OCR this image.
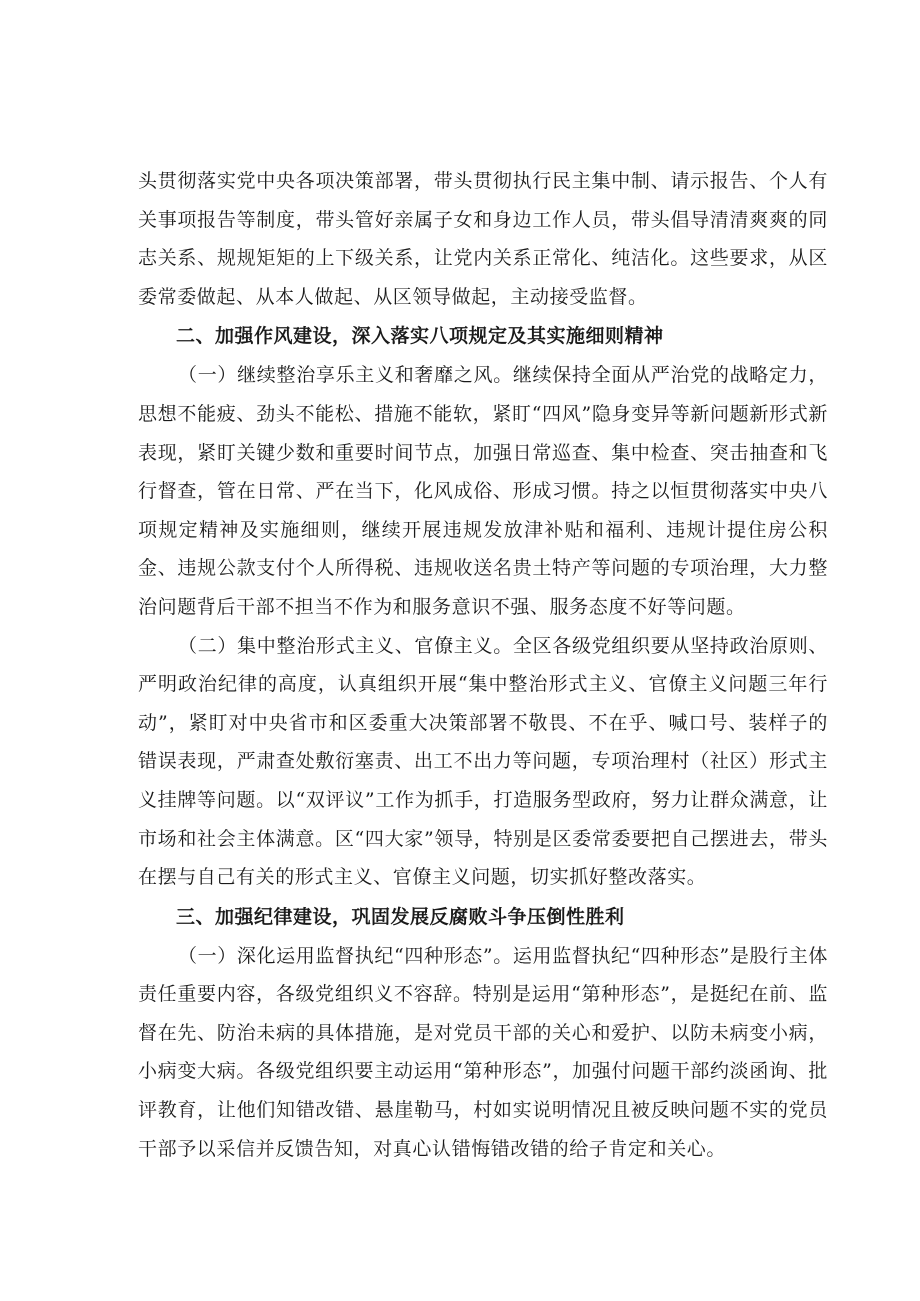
头贯彻落实党中央各项决策部署，带头贯彻执行民主集中制、请示报告、个人有关事项报告等制度，带头管好亲属子女和身边工作人员，带头倡导清清爽爽的同志关系、规规矩矩的上下级关系，让党内关系正常化、纯洁化。这些要求，从区委常委做起、从本人做起、从区领导做起，主动接受监督。

二、加强作风建设，深入落实八项规定及其实施细则精神

（一）继续整治享乐主义和奢靡之风。继续保持全面从严治党的战略定力，思想不能疲、劲头不能松、措施不能软，紧盯“四风”隐身变异等新问题新形式新表现，紧盯关键少数和重要时间节点，加强日常巡查、集中检查、突击抽查和飞行督查，管在日常、严在当下，化风成俗、形成习惯。持之以恒贯彻落实中央八项规定精神及实施细则，继续开展违规发放津补贴和福利、违规计提住房公积金、违规公款支付个人所得税、违规收送名贵土特产等问题的专项治理，大力整治问题背后干部不担当不作为和服务意识不强、服务态度不好等问题。

（二）集中整治形式主义、官僚主义。全区各级党组织要从坚持政治原则、严明政治纪律的高度，认真组织开展“集中整治形式主义、官僚主义问题三年行动”，紧盯对中央省市和区委重大决策部署不敬畏、不在乎、喊口号、装样子的错误表现，严肃查处敷衍塞责、出工不出力等问题，专项治理村（社区）形式主义挂牌等问题。以“双评议”工作为抓手，打造服务型政府，努力让群众满意，让市场和社会主体满意。区“四大家”领导，特别是区委常委要把自己摆进去，带头在摆与自己有关的形式主义、官僚主义问题，切实抓好整改落实。

三、加强纪律建设，巩固发展反腐败斗争压倒性胜利

（一）深化运用监督执纪“四种形态”。运用监督执纪“四种形态”是股行主体责任重要内容，各级党组织义不容辞。特别是运用“第种形态”，是挺纪在前、监督在先、防治未病的具体措施，是对党员干部的关心和爱护、以防未病变小病，小病变大病。各级党组织要主动运用“第种形态”，加强付问题干部约淡函询、批评教育，让他们知错改错、悬崖勒马，村如实说明情况且被反映问题不实的党员干部予以采信并反馈告知，对真心认错悔错改错的给子肯定和关心。
